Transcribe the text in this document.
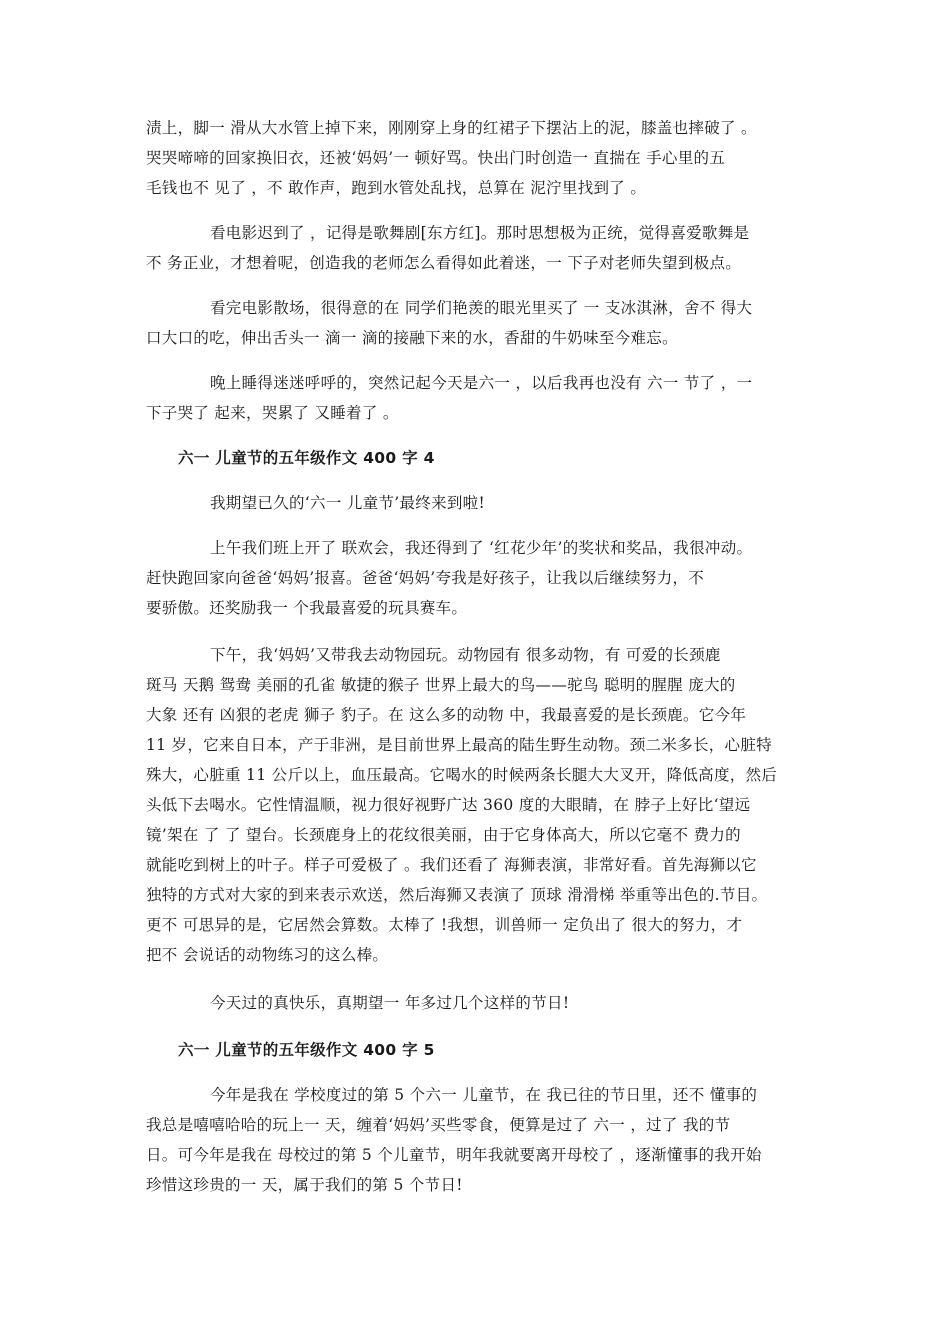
渍上，脚一 滑从大水管上掉下来，刚刚穿上身的红裙子下摆沾上的泥，膝盖也摔破了 。
哭哭啼啼的回家换旧衣，还被‘妈妈’一 顿好骂。快出门时创造一 直揣在 手心里的五
毛钱也不 见了 ，不 敢作声，跑到水管处乱找，总算在 泥泞里找到了 。
看电影迟到了 ，记得是歌舞剧[东方红]。那时思想极为正统，觉得喜爱歌舞是
不 务正业，才想着呢，创造我的老师怎么看得如此着迷，一 下子对老师失望到极点。
看完电影散场，很得意的在 同学们艳羡的眼光里买了 一 支冰淇淋，舍不 得大
口大口的吃，伸出舌头一 滴一 滴的接融下来的水，香甜的牛奶味至今难忘。
晚上睡得迷迷呼呼的，突然记起今天是六一 ，以后我再也没有 六一 节了 ，一
下子哭了 起来，哭累了 又睡着了 。
六一 儿童节的五年级作文 400 字 4
我期望已久的‘六一 儿童节’最终来到啦!
上午我们班上开了 联欢会，我还得到了 ‘红花少年’的奖状和奖品，我很冲动。
赶快跑回家向爸爸‘妈妈’报喜。爸爸‘妈妈’夸我是好孩子，让我以后继续努力，不
要骄傲。还奖励我一 个我最喜爱的玩具赛车。
下午，我‘妈妈’又带我去动物园玩。动物园有 很多动物，有 可爱的长颈鹿
斑马 天鹅 鸳鸯 美丽的孔雀 敏捷的猴子 世界上最大的鸟——驼鸟 聪明的腥腥 庞大的
大象 还有 凶狠的老虎 狮子 豹子。在 这么多的动物 中，我最喜爱的是长颈鹿。它今年
11 岁，它来自日本，产于非洲，是目前世界上最高的陆生野生动物。颈二米多长，心脏特
殊大，心脏重 11 公斤以上，血压最高。它喝水的时候两条长腿大大叉开，降低高度，然后
头低下去喝水。它性情温顺，视力很好视野广达 360 度的大眼睛，在 脖子上好比‘望远
镜’架在 了 了 望台。长颈鹿身上的花纹很美丽，由于它身体高大，所以它毫不 费力的
就能吃到树上的叶子。样子可爱极了 。我们还看了 海狮表演，非常好看。首先海狮以它
独特的方式对大家的到来表示欢送，然后海狮又表演了 顶球 滑滑梯 举重等出色的.节目。
更不 可思异的是，它居然会算数。太棒了 !我想，训兽师一 定负出了 很大的努力，才
把不 会说话的动物练习的这么棒。
今天过的真快乐，真期望一 年多过几个这样的节日!
六一 儿童节的五年级作文 400 字 5
今年是我在 学校度过的第 5 个六一 儿童节，在 我已往的节日里，还不 懂事的
我总是嘻嘻哈哈的玩上一 天，缠着‘妈妈’买些零食，便算是过了 六一 ，过了 我的节
日。可今年是我在 母校过的第 5 个儿童节，明年我就要离开母校了 ，逐渐懂事的我开始
珍惜这珍贵的一 天，属于我们的第 5 个节日!
